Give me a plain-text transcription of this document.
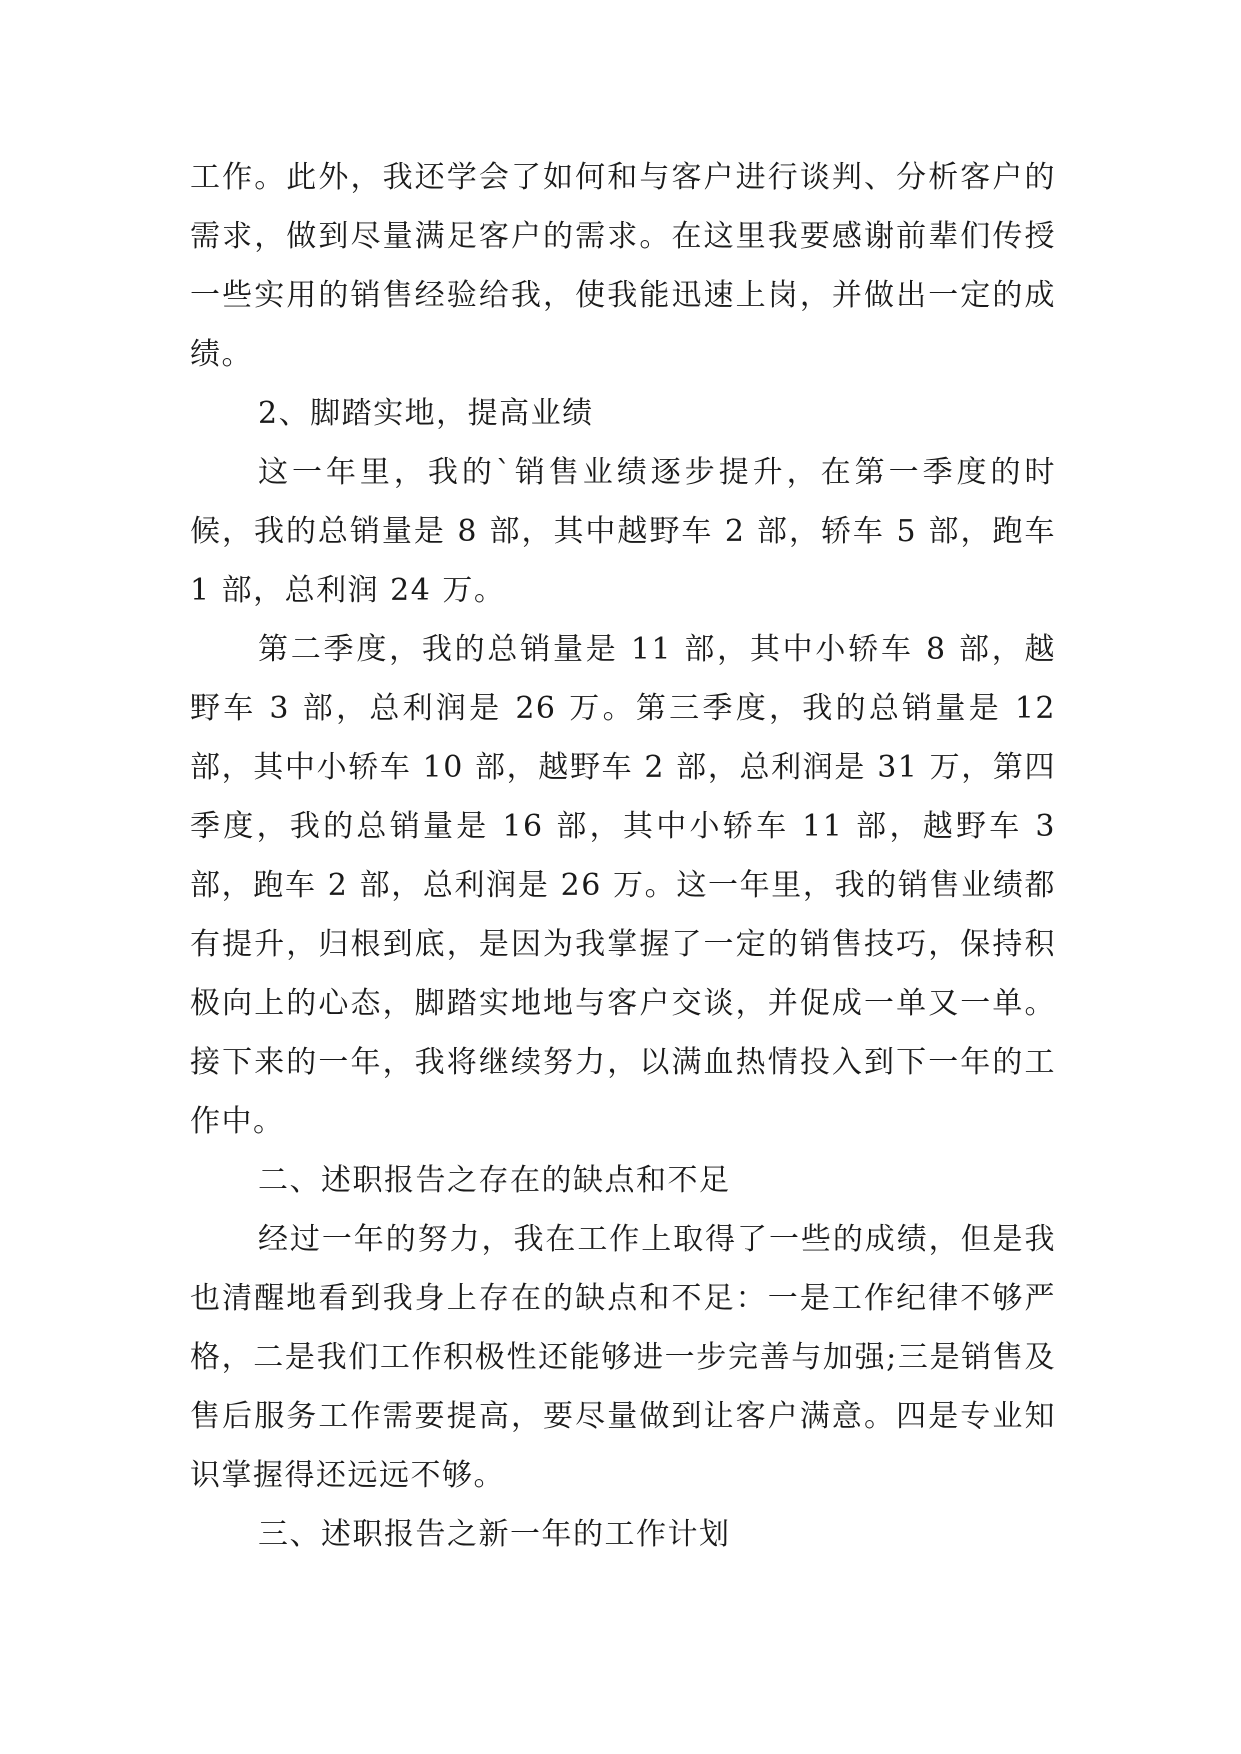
工作。此外，我还学会了如何和与客户进行谈判、分析客户的需求，做到尽量满足客户的需求。在这里我要感谢前辈们传授一些实用的销售经验给我，使我能迅速上岗，并做出一定的成绩。

2、脚踏实地，提高业绩

这一年里，我的`销售业绩逐步提升，在第一季度的时候，我的总销量是 8 部，其中越野车 2 部，轿车 5 部，跑车 1 部，总利润 24 万。

第二季度，我的总销量是 11 部，其中小轿车 8 部，越野车 3 部，总利润是 26 万。第三季度，我的总销量是 12 部，其中小轿车 10 部，越野车 2 部，总利润是 31 万，第四季度，我的总销量是 16 部，其中小轿车 11 部，越野车 3 部，跑车 2 部，总利润是 26 万。这一年里，我的销售业绩都有提升，归根到底，是因为我掌握了一定的销售技巧，保持积极向上的心态，脚踏实地地与客户交谈，并促成一单又一单。接下来的一年，我将继续努力，以满血热情投入到下一年的工作中。

二、述职报告之存在的缺点和不足

经过一年的努力，我在工作上取得了一些的成绩，但是我也清醒地看到我身上存在的缺点和不足：一是工作纪律不够严格，二是我们工作积极性还能够进一步完善与加强;三是销售及售后服务工作需要提高，要尽量做到让客户满意。四是专业知识掌握得还远远不够。

三、述职报告之新一年的工作计划
